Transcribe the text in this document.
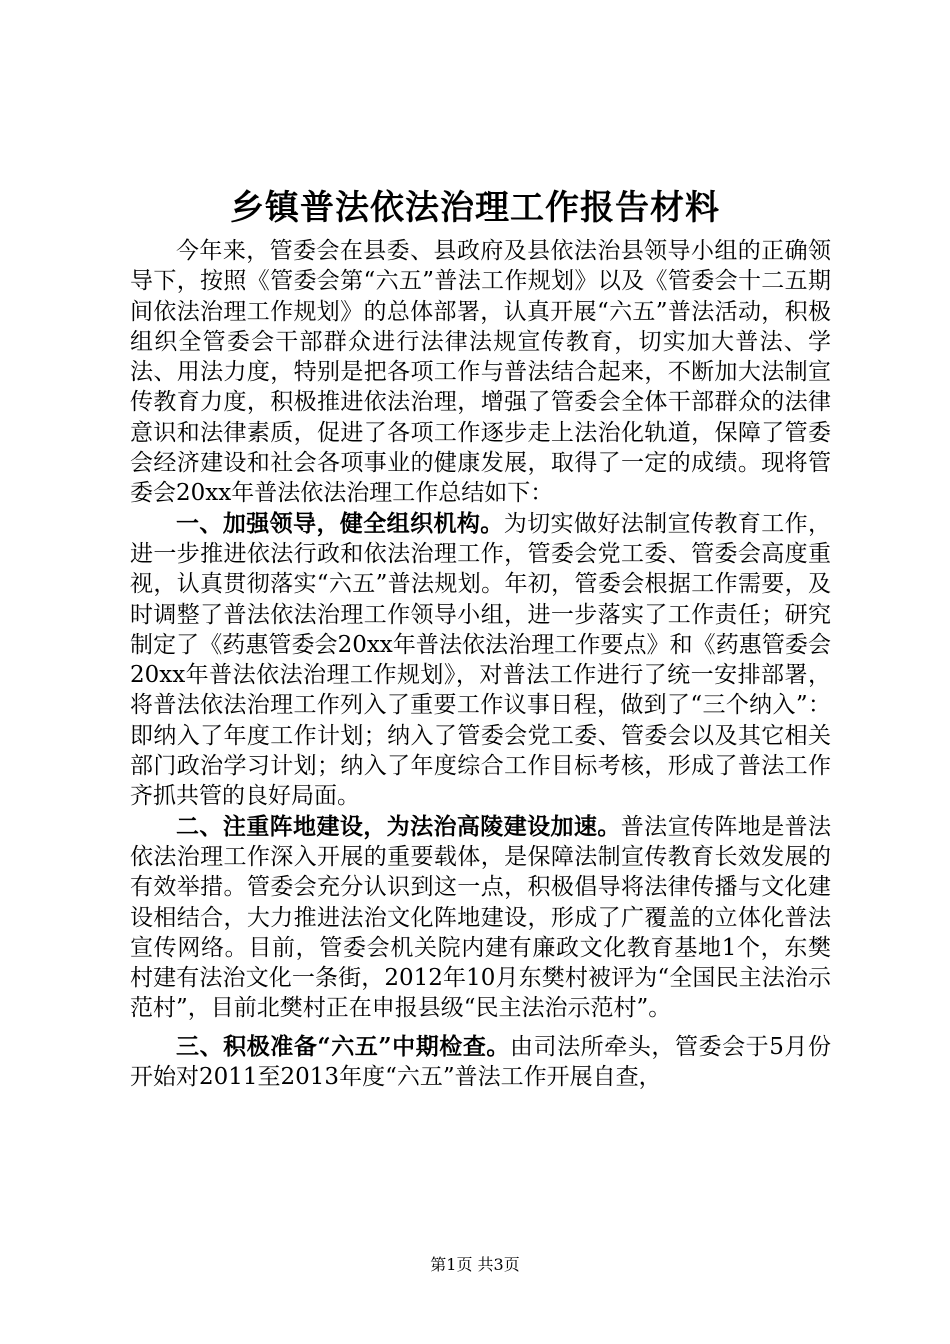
乡镇普法依法治理工作报告材料

今年来，管委会在县委、县政府及县依法治县领导小组的正确领导下，按照《管委会第“六五”普法工作规划》以及《管委会十二五期间依法治理工作规划》的总体部署，认真开展“六五”普法活动，积极组织全管委会干部群众进行法律法规宣传教育，切实加大普法、学法、用法力度，特别是把各项工作与普法结合起来，不断加大法制宣传教育力度，积极推进依法治理，增强了管委会全体干部群众的法律意识和法律素质，促进了各项工作逐步走上法治化轨道，保障了管委会经济建设和社会各项事业的健康发展，取得了一定的成绩。现将管委会20xx年普法依法治理工作总结如下：

一、加强领导，健全组织机构。为切实做好法制宣传教育工作，进一步推进依法行政和依法治理工作，管委会党工委、管委会高度重视，认真贯彻落实“六五”普法规划。年初，管委会根据工作需要，及时调整了普法依法治理工作领导小组，进一步落实了工作责任；研究制定了《药惠管委会20xx年普法依法治理工作要点》和《药惠管委会20xx年普法依法治理工作规划》，对普法工作进行了统一安排部署，将普法依法治理工作列入了重要工作议事日程，做到了“三个纳入”：即纳入了年度工作计划；纳入了管委会党工委、管委会以及其它相关部门政治学习计划；纳入了年度综合工作目标考核，形成了普法工作齐抓共管的良好局面。

二、注重阵地建设，为法治高陵建设加速。普法宣传阵地是普法依法治理工作深入开展的重要载体，是保障法制宣传教育长效发展的有效举措。管委会充分认识到这一点，积极倡导将法律传播与文化建设相结合，大力推进法治文化阵地建设，形成了广覆盖的立体化普法宣传网络。目前，管委会机关院内建有廉政文化教育基地1个，东樊村建有法治文化一条街，2012年10月东樊村被评为“全国民主法治示范村”，目前北樊村正在申报县级“民主法治示范村”。

三、积极准备“六五”中期检查。由司法所牵头，管委会于5月份开始对2011至2013年度“六五”普法工作开展自查，

第1页 共3页
